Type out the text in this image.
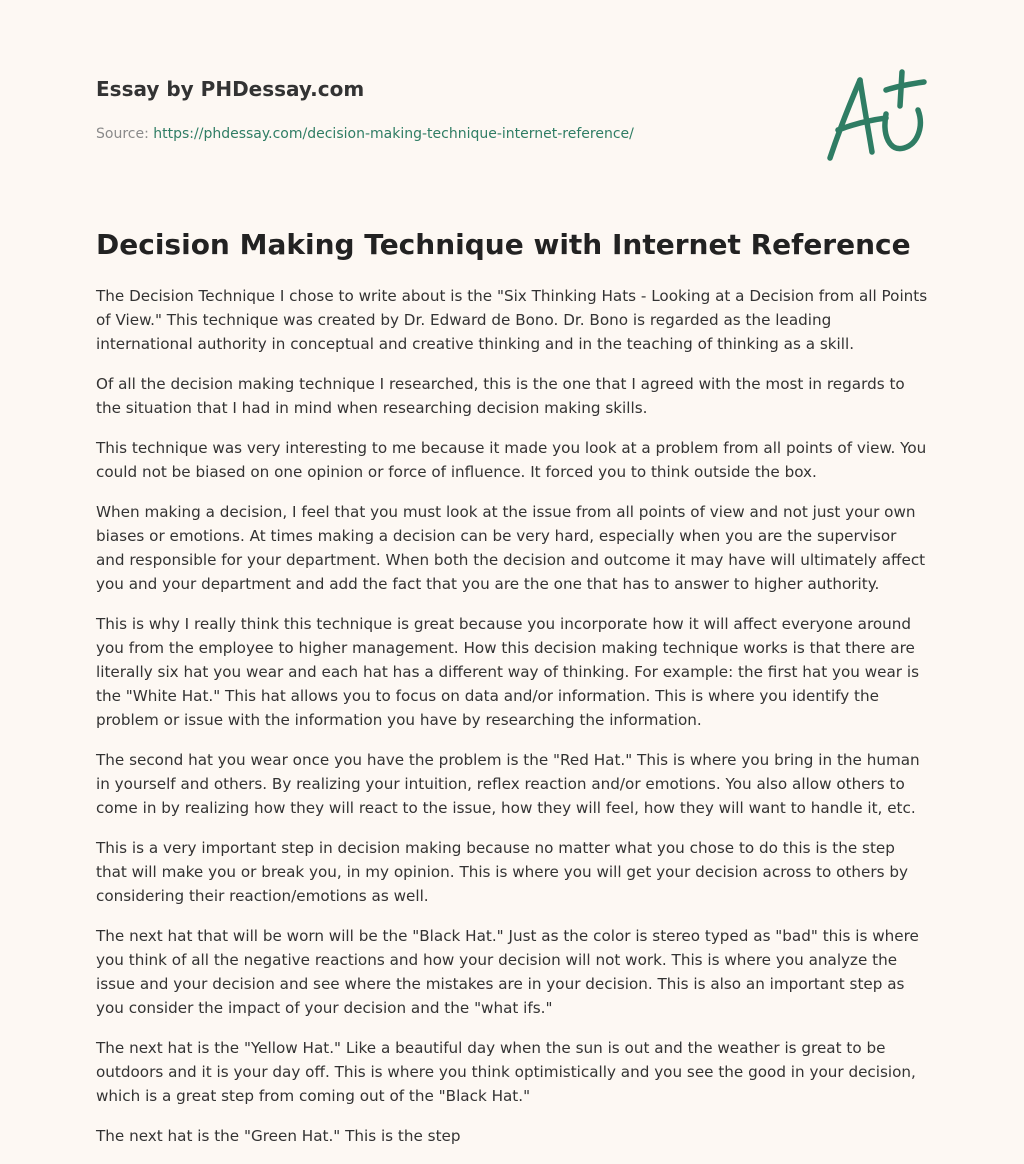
Essay by PHDessay.com
Source: https://phdessay.com/decision-making-technique-internet-reference/
Decision Making Technique with Internet Reference

The Decision Technique I chose to write about is the "Six Thinking Hats - Looking at a Decision from all Points of View." This technique was created by Dr. Edward de Bono. Dr. Bono is regarded as the leading international authority in conceptual and creative thinking and in the teaching of thinking as a skill.

Of all the decision making technique I researched, this is the one that I agreed with the most in regards to the situation that I had in mind when researching decision making skills.

This technique was very interesting to me because it made you look at a problem from all points of view. You could not be biased on one opinion or force of influence. It forced you to think outside the box.

When making a decision, I feel that you must look at the issue from all points of view and not just your own biases or emotions. At times making a decision can be very hard, especially when you are the supervisor and responsible for your department. When both the decision and outcome it may have will ultimately affect you and your department and add the fact that you are the one that has to answer to higher authority.

This is why I really think this technique is great because you incorporate how it will affect everyone around you from the employee to higher management. How this decision making technique works is that there are literally six hat you wear and each hat has a different way of thinking. For example: the first hat you wear is the "White Hat." This hat allows you to focus on data and/or information. This is where you identify the problem or issue with the information you have by researching the information.

The second hat you wear once you have the problem is the "Red Hat." This is where you bring in the human in yourself and others. By realizing your intuition, reflex reaction and/or emotions. You also allow others to come in by realizing how they will react to the issue, how they will feel, how they will want to handle it, etc.

This is a very important step in decision making because no matter what you chose to do this is the step that will make you or break you, in my opinion. This is where you will get your decision across to others by considering their reaction/emotions as well.

The next hat that will be worn will be the "Black Hat." Just as the color is stereo typed as "bad" this is where you think of all the negative reactions and how your decision will not work. This is where you analyze the issue and your decision and see where the mistakes are in your decision. This is also an important step as you consider the impact of your decision and the "what ifs."

The next hat is the "Yellow Hat." Like a beautiful day when the sun is out and the weather is great to be outdoors and it is your day off. This is where you think optimistically and you see the good in your decision, which is a great step from coming out of the "Black Hat."

The next hat is the "Green Hat." This is the step
